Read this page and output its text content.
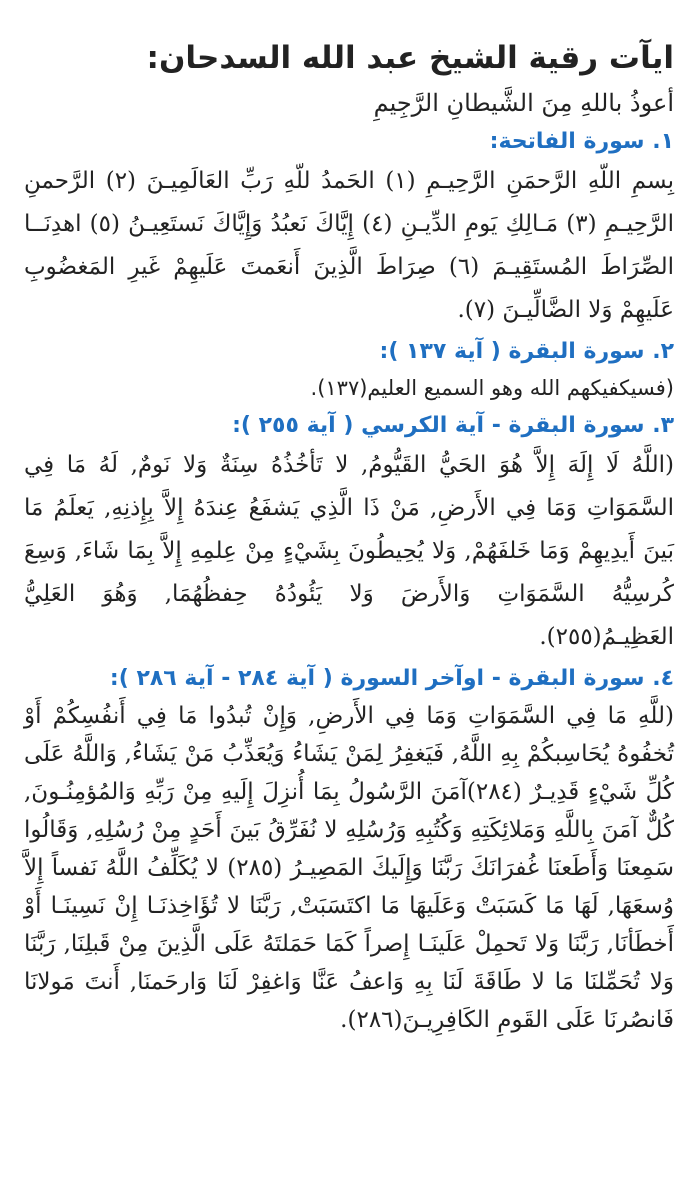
ايآت رقية الشيخ عبد الله السدحان:
أعوذُ باللهِ مِنَ الشَّيطانِ الرَّجِيمِ
١. سورة الفاتحة:
بِسمِ اللّهِ الرَّحمَنِ الرَّحِيـمِ (١) الحَمدُ للّهِ رَبِّ العَالَمِيـنَ (٢) الرَّحمنِ الرَّحِيـمِ (٣) مَـالِكِ يَومِ الدِّيـنِ (٤) إِيَّاكَ نَعبُدُ وَإِيَّاكَ نَستَعِيـنُ (٥) اهدِنَــا الصِّرَاطَ المُستَقِيـمَ (٦) صِرَاطَ الَّذِينَ أَنعَمتَ عَلَيهِمْ غَيرِ المَغضُوبِ عَلَيهِمْ وَلا الضَّالِّيـنَ (٧).
٢. سورة البقرة ( آية ١٣٧ ):
(فسيكفيكهم الله وهو السميع العليم(١٣٧).
٣. سورة البقرة - آية الكرسي ( آية ٢٥٥ ):
(اللَّهُ لَا إِلَهَ إِلاَّ هُوَ الحَيُّ القَيُّومُ, لا تَأخُذُهُ سِنَةٌ وَلا نَومٌ, لَهُ مَا فِي السَّمَوَاتِ وَمَا فِي الأَرضِ, مَنْ ذَا الَّذِي يَشفَعُ عِندَهُ إِلاَّ بِإِذنِهِ, يَعلَمُ مَا بَينَ أَيدِيهِمْ وَمَا خَلفَهُمْ, وَلا يُحِيطُونَ بِشَيْءٍ مِنْ عِلمِهِ إِلاَّ بِمَا شَاءَ, وَسِعَ كُرسِيُّهُ السَّمَوَاتِ وَالأَرضَ وَلا يَئُودُهُ حِفظُهُمَا, وَهُوَ العَلِيُّ العَظِيـمُ(٢٥٥).
٤. سورة البقرة - اوآخر السورة ( آية ٢٨٤ - آية ٢٨٦ ):
(للَّهِ مَا فِي السَّمَوَاتِ وَمَا فِي الأَرضِ, وَإِنْ تُبدُوا مَا فِي أَنفُسِكُمْ أَوْ تُخفُوهُ يُحَاسِبكُمْ بِهِ اللَّهُ, فَيَغفِرُ لِمَنْ يَشَاءُ وَيُعَذِّبُ مَنْ يَشَاءُ, وَاللَّهُ عَلَى كُلِّ شَيْءٍ قَدِيـرٌ (٢٨٤)آمَنَ الرَّسُولُ بِمَا أُنزِلَ إِلَيهِ مِنْ رَبِّهِ وَالمُؤمِنُـونَ, كُلٌّ آمَنَ بِاللَّهِ وَمَلائِكَتِهِ وَكُتُبِهِ وَرُسُلِهِ لا نُفَرِّقُ بَينَ أَحَدٍ مِنْ رُسُلِهِ, وَقَالُوا سَمِعنَا وَأَطَعنَا غُفرَانَكَ رَبَّنَا وَإِلَيكَ المَصِيـرُ (٢٨٥) لا يُكَلِّفُ اللَّهُ نَفساً إِلاَّ وُسعَهَا, لَهَا مَا كَسَبَتْ وَعَلَيهَا مَا اكتَسَبَتْ, رَبَّنَا لا تُؤَاخِذنَـا إِنْ نَسِينَـا أَوْ أَخطَأنَا, رَبَّنَا وَلا تَحمِلْ عَلَينَـا إِصراً كَمَا حَمَلتَهُ عَلَى الَّذِينَ مِنْ قَبلِنَا, رَبَّنَا وَلا تُحَمِّلنَا مَا لا طَاقَةَ لَنَا بِهِ وَاعفُ عَنَّا وَاغفِرْ لَنَا وَارحَمنَا, أَنتَ مَولانَا فَانصُرنَا عَلَى القَومِ الكَافِرِيـنَ(٢٨٦).
